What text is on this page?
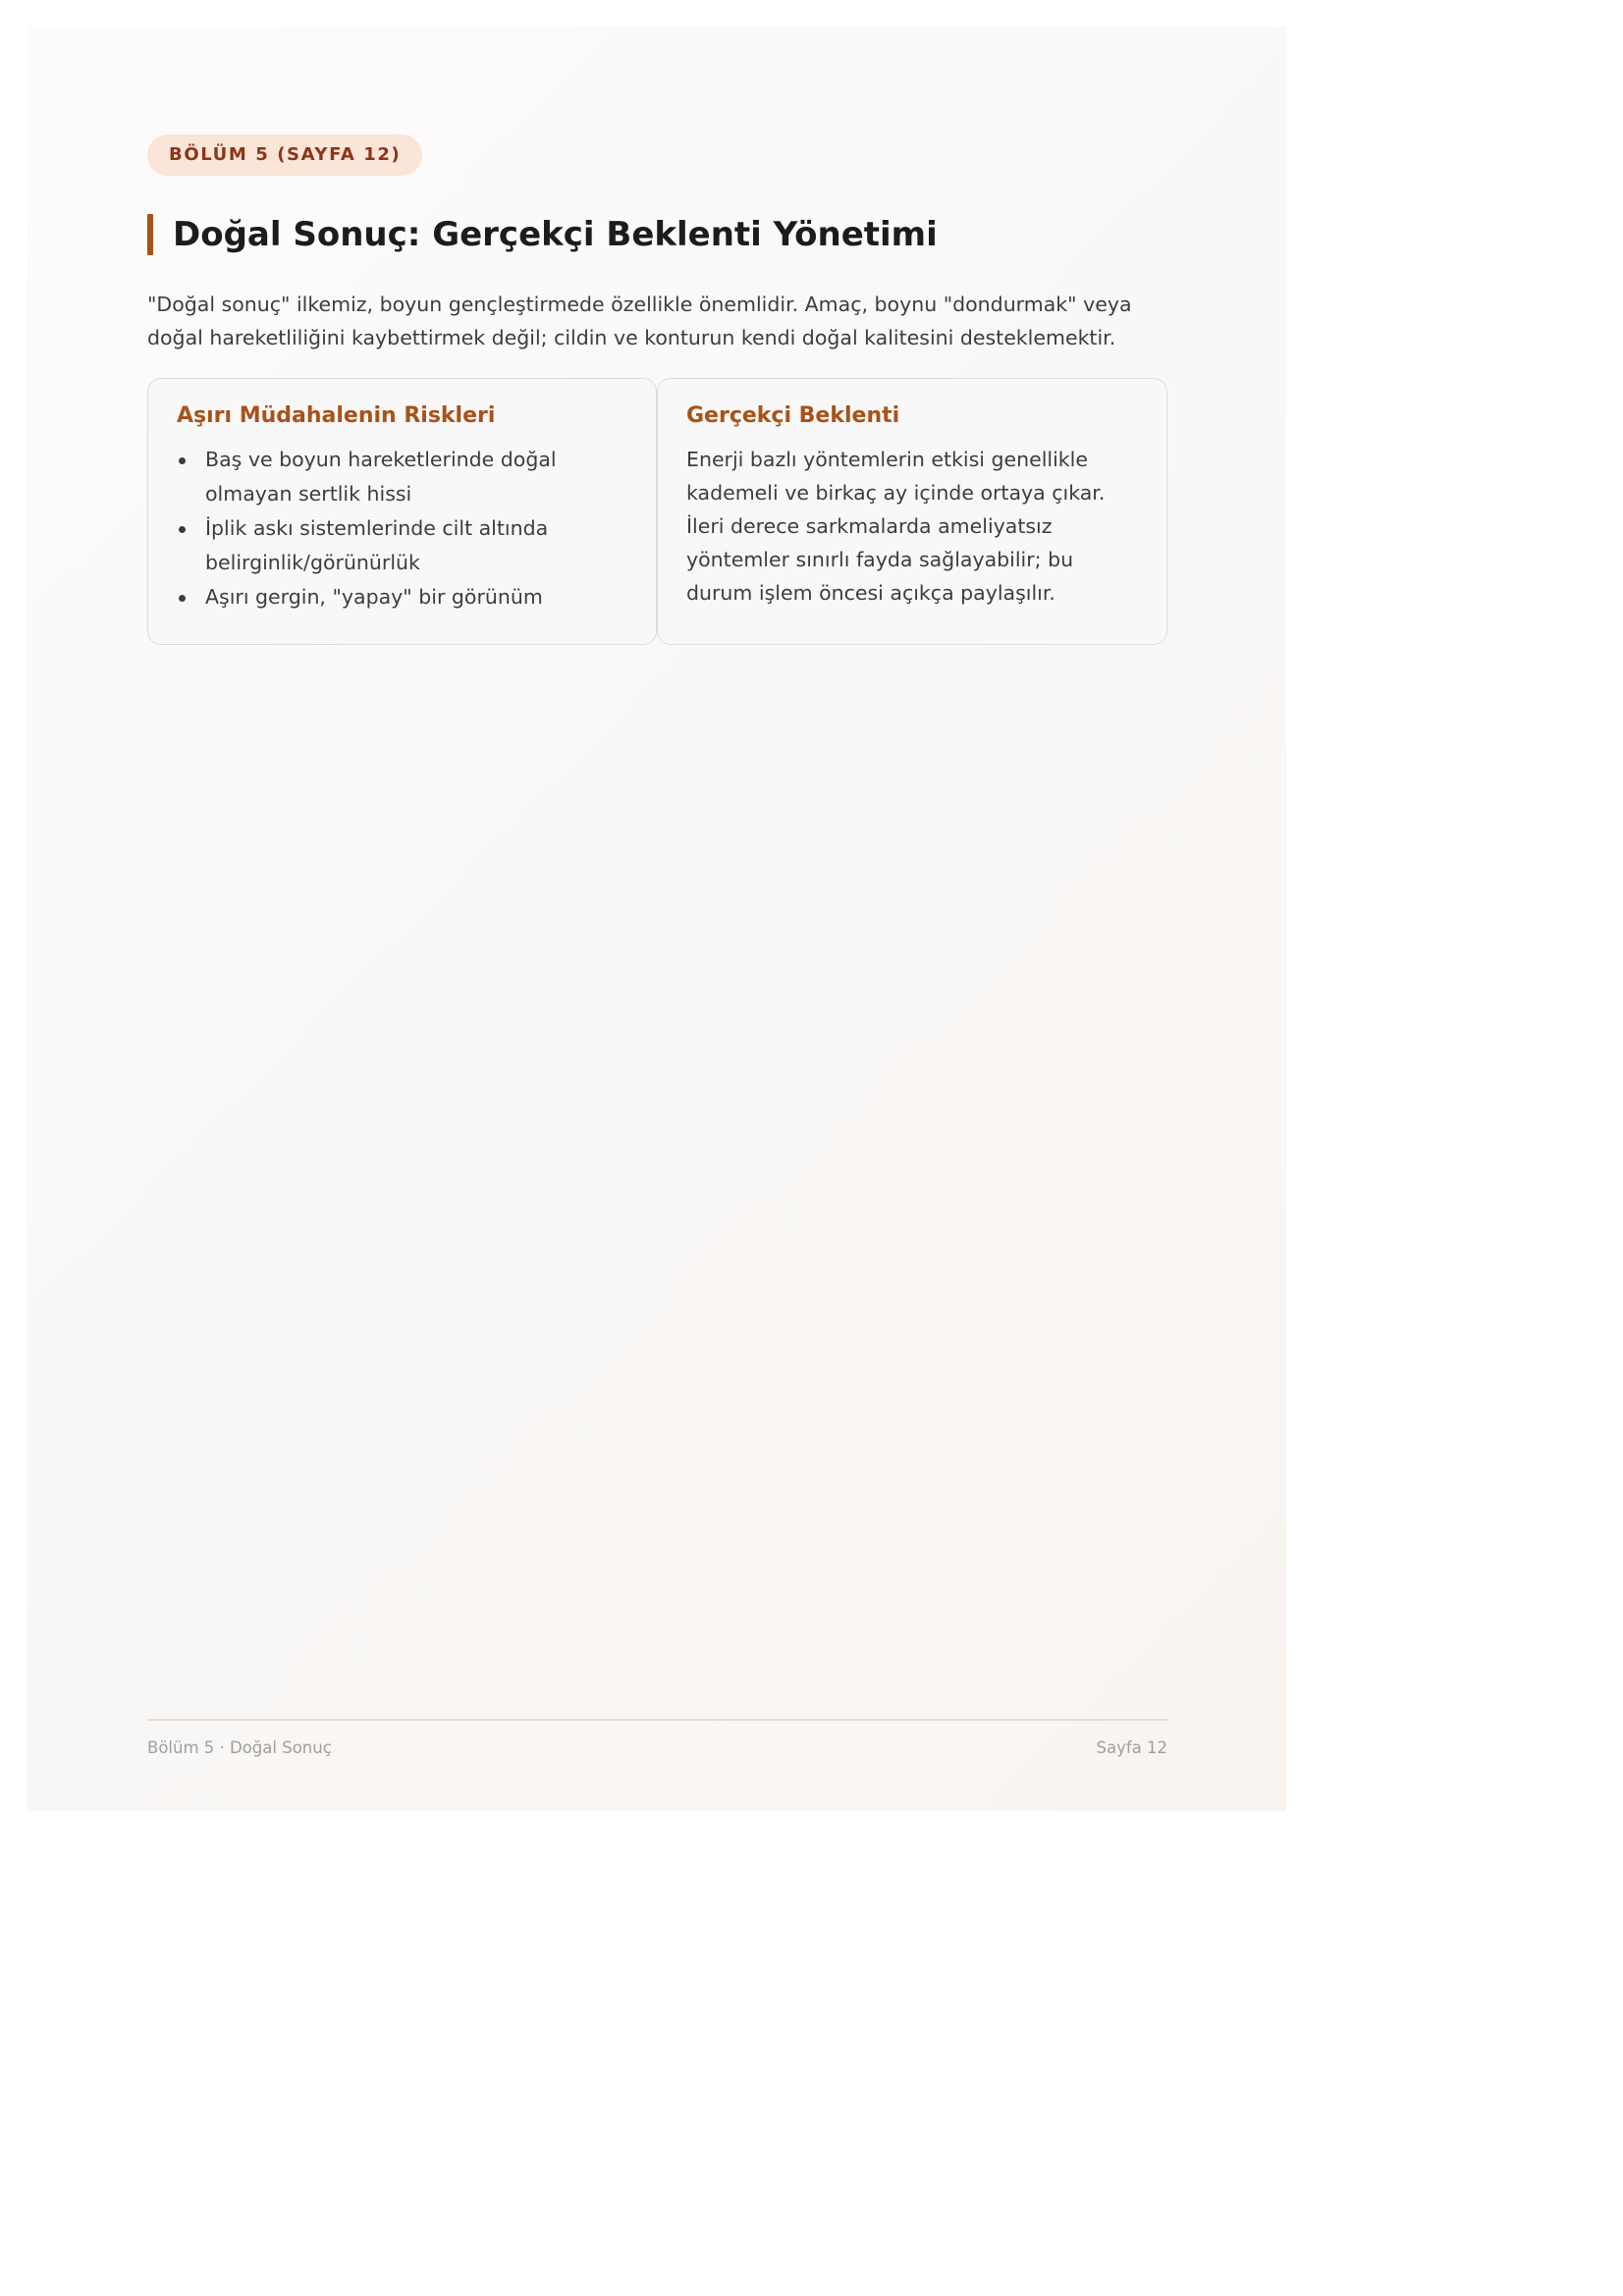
BÖLÜM 5 (SAYFA 12)
Doğal Sonuç: Gerçekçi Beklenti Yönetimi

"Doğal sonuç" ilkemiz, boyun gençleştirmede özellikle önemlidir. Amaç, boynu "dondurmak" veya doğal hareketliliğini kaybettirmek değil; cildin ve konturun kendi doğal kalitesini desteklemektir.

Aşırı Müdahalenin Riskleri
Baş ve boyun hareketlerinde doğal olmayan sertlik hissi
İplik askı sistemlerinde cilt altında belirginlik/görünürlük
Aşırı gergin, "yapay" bir görünüm
Gerçekçi Beklenti

Enerji bazlı yöntemlerin etkisi genellikle kademeli ve birkaç ay içinde ortaya çıkar. İleri derece sarkmalarda ameliyatsız yöntemler sınırlı fayda sağlayabilir; bu durum işlem öncesi açıkça paylaşılır.

Bölüm 5 · Doğal Sonuç	Sayfa 12
